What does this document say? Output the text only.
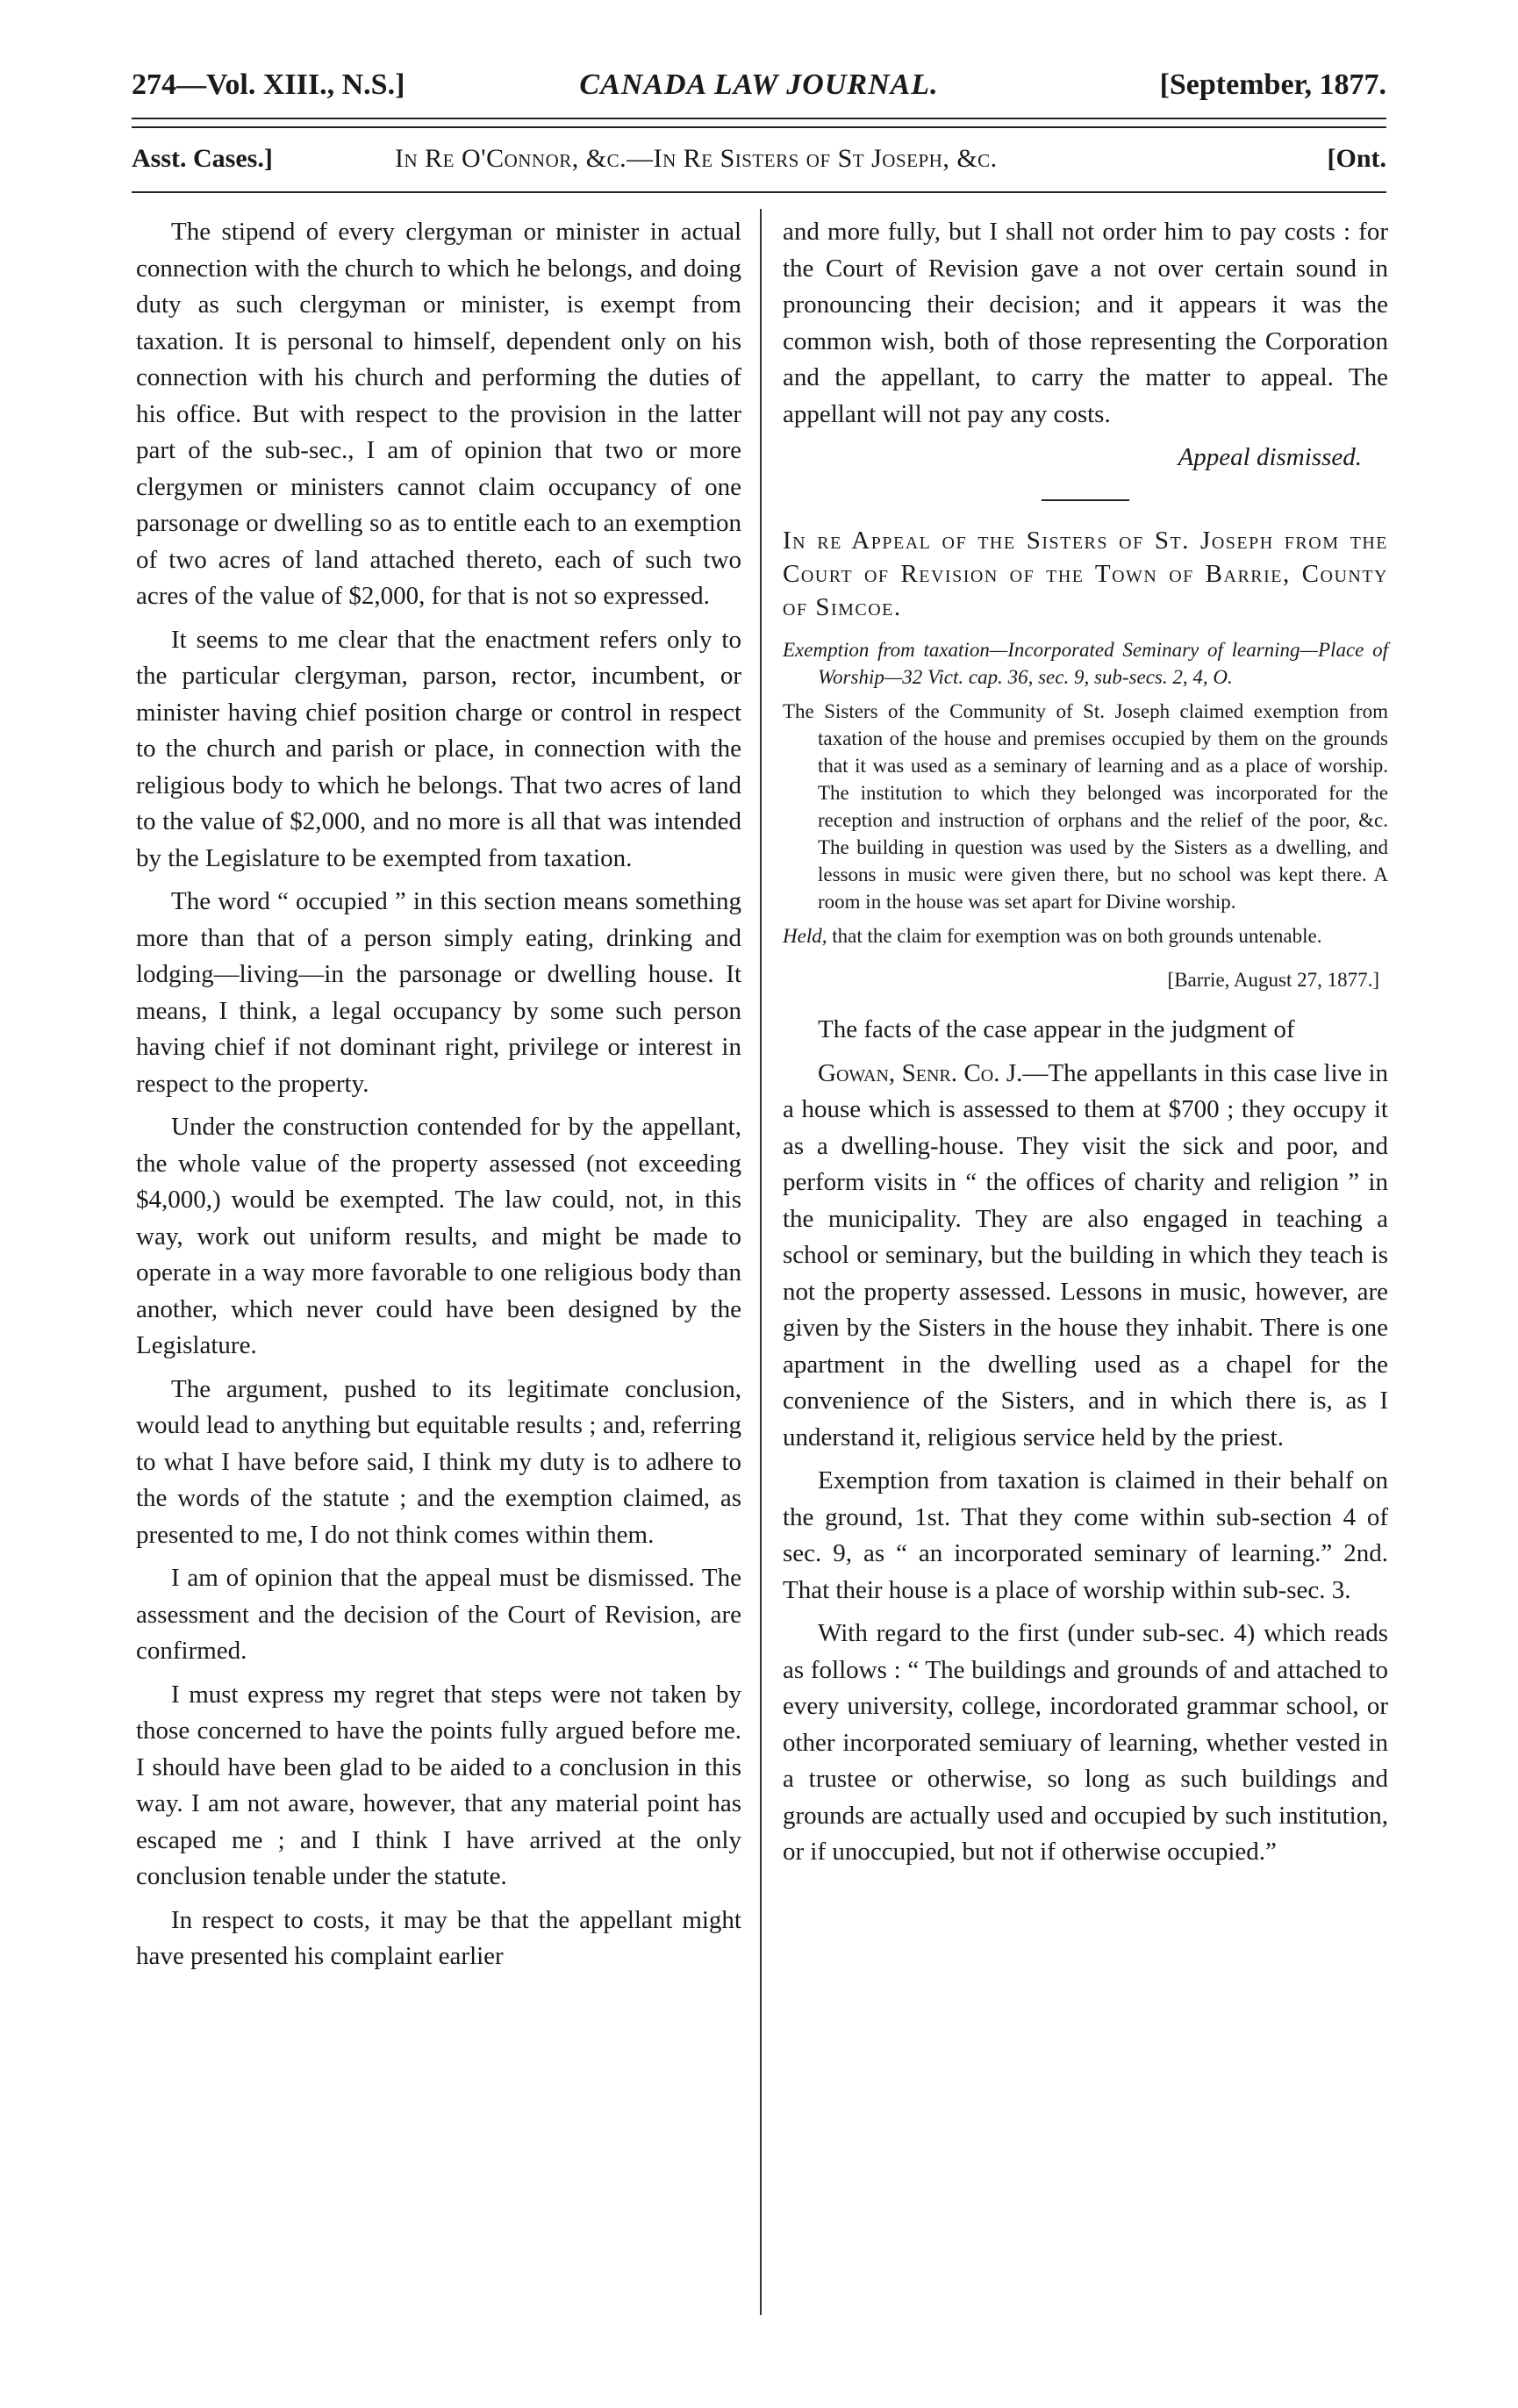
274—Vol. XIII., N.S.]	CANADA LAW JOURNAL.	[September, 1877.
Asst. Cases.]	In Re O'Connor, &c.—In Re Sisters of St Joseph, &c.	[Ont.

The stipend of every clergyman or minister in actual connection with the church to which he belongs, and doing duty as such clergyman or minister, is exempt from taxation. It is personal to himself, dependent only on his connection with his church and performing the duties of his office. But with respect to the provision in the latter part of the sub-sec., I am of opinion that two or more clergymen or ministers cannot claim occupancy of one parsonage or dwelling so as to entitle each to an exemption of two acres of land attached thereto, each of such two acres of the value of $2,000, for that is not so expressed.

It seems to me clear that the enactment refers only to the particular clergyman, parson, rector, incumbent, or minister having chief position charge or control in respect to the church and parish or place, in connection with the religious body to which he belongs. That two acres of land to the value of $2,000, and no more is all that was intended by the Legislature to be exempted from taxation.

The word “ occupied ” in this section means something more than that of a person simply eating, drinking and lodging—living—in the parsonage or dwelling house. It means, I think, a legal occupancy by some such person having chief if not dominant right, privilege or interest in respect to the property.

Under the construction contended for by the appellant, the whole value of the property assessed (not exceeding $4,000,) would be exempted. The law could, not, in this way, work out uniform results, and might be made to operate in a way more favorable to one religious body than another, which never could have been designed by the Legislature.

The argument, pushed to its legitimate conclusion, would lead to anything but equitable results ; and, referring to what I have before said, I think my duty is to adhere to the words of the statute ; and the exemption claimed, as presented to me, I do not think comes within them.

I am of opinion that the appeal must be dismissed. The assessment and the decision of the Court of Revision, are confirmed.

I must express my regret that steps were not taken by those concerned to have the points fully argued before me. I should have been glad to be aided to a conclusion in this way. I am not aware, however, that any material point has escaped me ; and I think I have arrived at the only conclusion tenable under the statute.

In respect to costs, it may be that the appellant might have presented his complaint earlier

and more fully, but I shall not order him to pay costs : for the Court of Revision gave a not over certain sound in pronouncing their decision; and it appears it was the common wish, both of those representing the Corporation and the appellant, to carry the matter to appeal. The appellant will not pay any costs.

Appeal dismissed.
In re Appeal of the Sisters of St. Joseph from the Court of Revision of the Town of Barrie, County of Simcoe.
Exemption from taxation—Incorporated Seminary of learning—Place of Worship—32 Vict. cap. 36, sec. 9, sub-secs. 2, 4, O.
The Sisters of the Community of St. Joseph claimed exemption from taxation of the house and premises occupied by them on the grounds that it was used as a seminary of learning and as a place of worship. The institution to which they belonged was incorporated for the reception and instruction of orphans and the relief of the poor, &c. The building in question was used by the Sisters as a dwelling, and lessons in music were given there, but no school was kept there. A room in the house was set apart for Divine worship.
Held, that the claim for exemption was on both grounds untenable.
[Barrie, August 27, 1877.]

The facts of the case appear in the judgment of

Gowan, Senr. Co. J.—The appellants in this case live in a house which is assessed to them at $700 ; they occupy it as a dwelling-house. They visit the sick and poor, and perform visits in “ the offices of charity and religion ” in the municipality. They are also engaged in teaching a school or seminary, but the building in which they teach is not the property assessed. Lessons in music, however, are given by the Sisters in the house they inhabit. There is one apartment in the dwelling used as a chapel for the convenience of the Sisters, and in which there is, as I understand it, religious service held by the priest.

Exemption from taxation is claimed in their behalf on the ground, 1st. That they come within sub-section 4 of sec. 9, as “ an incorporated seminary of learning.” 2nd. That their house is a place of worship within sub-sec. 3.

With regard to the first (under sub-sec. 4) which reads as follows : “ The buildings and grounds of and attached to every university, college, incordorated grammar school, or other incorporated semiuary of learning, whether vested in a trustee or otherwise, so long as such buildings and grounds are actually used and occupied by such institution, or if unoccupied, but not if otherwise occupied.”
